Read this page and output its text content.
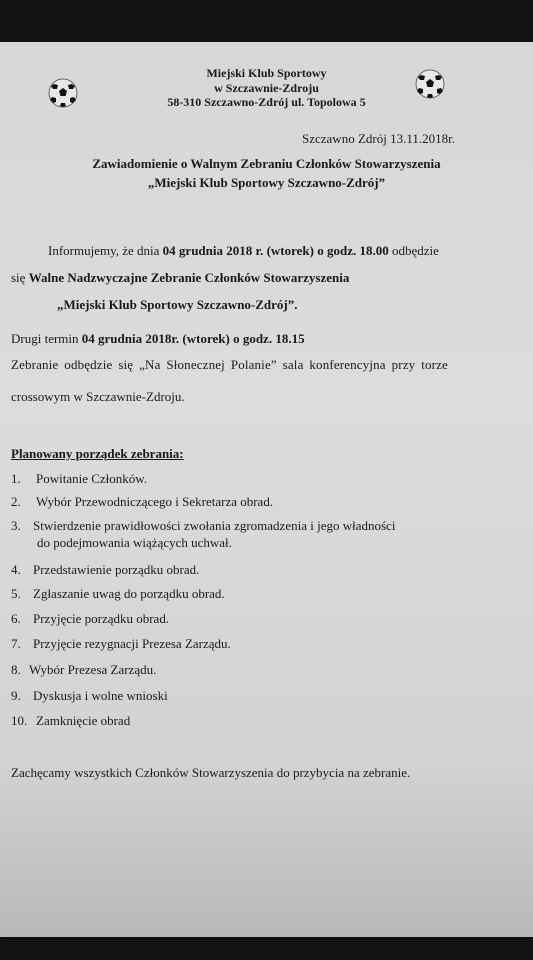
Miejski Klub Sportowy
w Szczawnie-Zdroju
58-310 Szczawno-Zdrój ul. Topolowa 5
Szczawno Zdrój 13.11.2018r.
Zawiadomienie o Walnym Zebraniu Członków Stowarzyszenia
„Miejski Klub Sportowy Szczawno-Zdrój”
Informujemy, że dnia 04 grudnia 2018 r. (wtorek) o godz. 18.00 odbędzie
się Walne Nadzwyczajne Zebranie Członków Stowarzyszenia
„Miejski Klub Sportowy Szczawno-Zdrój”.
Drugi termin 04 grudnia 2018r. (wtorek) o godz. 18.15
Zebranie odbędzie się „Na Słonecznej Polanie” sala konferencyjna przy torze
crossowym w Szczawnie-Zdroju.
Planowany porządek zebrania:
1. Powitanie Członków.
2. Wybór Przewodniczącego i Sekretarza obrad.
3. Stwierdzenie prawidłowości zwołania zgromadzenia i jego władności
do podejmowania wiążących uchwał.
4. Przedstawienie porządku obrad.
5. Zgłaszanie uwag do porządku obrad.
6. Przyjęcie porządku obrad.
7. Przyjęcie rezygnacji Prezesa Zarządu.
8. Wybór Prezesa Zarządu.
9. Dyskusja i wolne wnioski
10. Zamknięcie obrad
Zachęcamy wszystkich Członków Stowarzyszenia do przybycia na zebranie.
